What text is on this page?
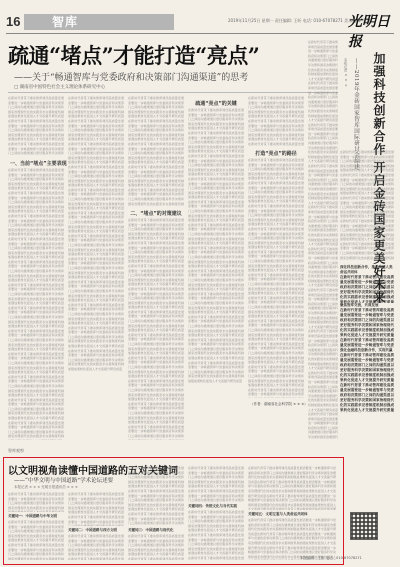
16	智库	2019年11月25日 星期一 责任编辑: 王昕 电话: 010-67078271 美术编辑: 吴兆
光明日报
疏通“堵点”才能打造“亮点”
——关于“畅通智库与党委政府和决策部门沟通渠道”的思考
□ 湖南省中国特色社会主义理论体系研究中心
在新时代背景下推动智库建设高质量发展需要进一步畅通智库与党委政府和决策部门之间的沟通渠道以更好服务科学决策和国家治理现代化的实践需求完善制度机制加强成果转化促进人才交流提升研究质量在新时代背景下推动智库建设高质量发展需要进一步畅通智库与党委政府和决策部门之间的沟通渠道以更好服务科学决策和国家治理现代化的实践需求完善制度机制加强成果转化促进人才交流提升研究质量在新时代背景下推动智库建设高质量发展需要进一步畅通智库与党委政府和决策部门之间的沟通渠道以更好服务科学决策和国家治理现代化的实践需求完善制度机制加强成果转化促进人才交流提升研究质量在新时代背景下推动智库建设高质量发展需要进一步畅通智库与党委政府和决策部门之间的沟通渠道以更好服务科学决策和国家治理现代化的实践需求完善制度机制加强成果转化促进人才交流提升研究质量在新时代背景下推动智库建设高质量发展需要进一步畅通智库与党委政府和决策部门之间的沟通渠道以更好服务科学决策和国家治理现代化的实践需求完善制度机制加强成果转化促进人才交流提升研究质量在新时代背景下推动智库建设高质量发展需要进一步畅通智库与党委政府和决策部门之间的沟通渠道以更好服务科学决策和国家治理现代化的实践需求完善制度机制加强成果转化促进人才交流提升研究质量在新时代背景下推动智库建设高质量发展需要进一步畅通智库与党委政府和决策部门之间的沟通渠道以更好服务科学决策和国家治理现代化的实践需求完善制度机制加强成果转化促进人才交流提升研究质量在新时代背景下推动智库建设高质量发展需要进一步畅通智库与党委政府和决策部门之间的沟通渠道以更好服务科学决策和国家治理现代化的实践需求完善制度机制加强成果转化促进人才交流提升研究质量在新时代背景下推动智库建设高质量发展需要进一步畅通智库与党委政府和决策部门之间的沟通渠道以更好服务科学决策和国家治理现代化的实践需求完善制度机制加强成果转化促进人才交流提升研究质量在新时代背景下推动智库建设高质量发展需要进一步畅通智库与党委政府和决策部门之间的沟通渠道以更好服务科学决策和国家治理现代化的实践需求完善制度机制加强成果转化促进人才交流提升研究质量在新时代背景下推动智库建设高质量发展需要进一步畅通智库与党委政府和决策部门之间的沟通渠道以更好服务科学决策和国家治理现代化的实践需求完善制度机制加强成果转化促进人才交流提升研究质量在新时代背景下推动智库建设高质量发展需要进一步畅通智库与党委政府和决策部门之间的沟通渠道以更好服务科学决策和国家治理现代化的实践需求完善制度机制加强成果转化促进人才交流提升研究质量
一、当前“堵点”主要表现
在新时代背景下推动智库建设高质量发展需要进一步畅通智库与党委政府和决策部门之间的沟通渠道以更好服务科学决策和国家治理现代化的实践需求完善制度机制加强成果转化促进人才交流提升研究质量在新时代背景下推动智库建设高质量发展需要进一步畅通智库与党委政府和决策部门之间的沟通渠道以更好服务科学决策和国家治理现代化的实践需求完善制度机制加强成果转化促进人才交流提升研究质量在新时代背景下推动智库建设高质量发展需要进一步畅通智库与党委政府和决策部门之间的沟通渠道以更好服务科学决策和国家治理现代化的实践需求完善制度机制加强成果转化促进人才交流提升研究质量在新时代背景下推动智库建设高质量发展需要进一步畅通智库与党委政府和决策部门之间的沟通渠道以更好服务科学决策和国家治理现代化的实践需求完善制度机制加强成果转化促进人才交流提升研究质量在新时代背景下推动智库建设高质量发展需要进一步畅通智库与党委政府和决策部门之间的沟通渠道以更好服务科学决策和国家治理现代化的实践需求完善制度机制加强成果转化促进人才交流提升研究质量在新时代背景下推动智库建设高质量发展需要进一步畅通智库与党委政府和决策部门之间的沟通渠道以更好服务科学决策和国家治理现代化的实践需求完善制度机制加强成果转化促进人才交流提升研究质量在新时代背景下推动智库建设高质量发展需要进一步畅通智库与党委政府和决策部门之间的沟通渠道以更好服务科学决策和国家治理现代化的实践需求完善制度机制加强成果转化促进人才交流提升研究质量在新时代背景下推动智库建设高质量发展需要进一步畅通智库与党委政府和决策部门之间的沟通渠道以更好服务科学决策和国家治理现代化的实践需求完善制度机制加强成果转化促进人才交流提升研究质量在新时代背景下推动智库建设高质量发展需要进一步畅通智库与党委政府和决策部门之间的沟通渠道以更好服务科学决策和国家治理现代化的实践需求完善制度机制加强成果转化促进人才交流提升研究质量在新时代背景下推动智库建设高质量发展需要进一步畅通智库与党委政府和决策部门之间的沟通渠道以更好服务科学决策和国家治理现代化的实践需求完善制度机制加强成果转化促进人才交流提升研究质量在新时代背景下推动智库建设高质量发展需要进一步畅通智库与党委政府和决策部门之间的沟通渠道以更好服务科学决策和国家治理现代化的实践需求完善制度机制加强成果转化促进人才交流提升研究质量在新时代背景下推动智库建设高质量发展需要进一步畅通智库与党委政府和决策部门之间的沟通渠道以更好服务科学决策和国家治理现代化的实践需求完善制度机制加强成果转化促进人才交流提升研究质量
在新时代背景下推动智库建设高质量发展需要进一步畅通智库与党委政府和决策部门之间的沟通渠道以更好服务科学决策和国家治理现代化的实践需求完善制度机制加强成果转化促进人才交流提升研究质量在新时代背景下推动智库建设高质量发展需要进一步畅通智库与党委政府和决策部门之间的沟通渠道以更好服务科学决策和国家治理现代化的实践需求完善制度机制加强成果转化促进人才交流提升研究质量在新时代背景下推动智库建设高质量发展需要进一步畅通智库与党委政府和决策部门之间的沟通渠道以更好服务科学决策和国家治理现代化的实践需求完善制度机制加强成果转化促进人才交流提升研究质量在新时代背景下推动智库建设高质量发展需要进一步畅通智库与党委政府和决策部门之间的沟通渠道以更好服务科学决策和国家治理现代化的实践需求完善制度机制加强成果转化促进人才交流提升研究质量在新时代背景下推动智库建设高质量发展需要进一步畅通智库与党委政府和决策部门之间的沟通渠道以更好服务科学决策和国家治理现代化的实践需求完善制度机制加强成果转化促进人才交流提升研究质量在新时代背景下推动智库建设高质量发展需要进一步畅通智库与党委政府和决策部门之间的沟通渠道以更好服务科学决策和国家治理现代化的实践需求完善制度机制加强成果转化促进人才交流提升研究质量在新时代背景下推动智库建设高质量发展需要进一步畅通智库与党委政府和决策部门之间的沟通渠道以更好服务科学决策和国家治理现代化的实践需求完善制度机制加强成果转化促进人才交流提升研究质量在新时代背景下推动智库建设高质量发展需要进一步畅通智库与党委政府和决策部门之间的沟通渠道以更好服务科学决策和国家治理现代化的实践需求完善制度机制加强成果转化促进人才交流提升研究质量在新时代背景下推动智库建设高质量发展需要进一步畅通智库与党委政府和决策部门之间的沟通渠道以更好服务科学决策和国家治理现代化的实践需求完善制度机制加强成果转化促进人才交流提升研究质量在新时代背景下推动智库建设高质量发展需要进一步畅通智库与党委政府和决策部门之间的沟通渠道以更好服务科学决策和国家治理现代化的实践需求完善制度机制加强成果转化促进人才交流提升研究质量在新时代背景下推动智库建设高质量发展需要进一步畅通智库与党委政府和决策部门之间的沟通渠道以更好服务科学决策和国家治理现代化的实践需求完善制度机制加强成果转化促进人才交流提升研究质量在新时代背景下推动智库建设高质量发展需要进一步畅通智库与党委政府和决策部门之间的沟通渠道以更好服务科学决策和国家治理现代化的实践需求完善制度机制加强成果转化促进人才交流提升研究质量
在新时代背景下推动智库建设高质量发展需要进一步畅通智库与党委政府和决策部门之间的沟通渠道以更好服务科学决策和国家治理现代化的实践需求完善制度机制加强成果转化促进人才交流提升研究质量在新时代背景下推动智库建设高质量发展需要进一步畅通智库与党委政府和决策部门之间的沟通渠道以更好服务科学决策和国家治理现代化的实践需求完善制度机制加强成果转化促进人才交流提升研究质量在新时代背景下推动智库建设高质量发展需要进一步畅通智库与党委政府和决策部门之间的沟通渠道以更好服务科学决策和国家治理现代化的实践需求完善制度机制加强成果转化促进人才交流提升研究质量在新时代背景下推动智库建设高质量发展需要进一步畅通智库与党委政府和决策部门之间的沟通渠道以更好服务科学决策和国家治理现代化的实践需求完善制度机制加强成果转化促进人才交流提升研究质量在新时代背景下推动智库建设高质量发展需要进一步畅通智库与党委政府和决策部门之间的沟通渠道以更好服务科学决策和国家治理现代化的实践需求完善制度机制加强成果转化促进人才交流提升研究质量在新时代背景下推动智库建设高质量发展需要进一步畅通智库与党委政府和决策部门之间的沟通渠道以更好服务科学决策和国家治理现代化的实践需求完善制度机制加强成果转化促进人才交流提升研究质量在新时代背景下推动智库建设高质量发展需要进一步畅通智库与党委政府和决策部门之间的沟通渠道以更好服务科学决策和国家治理现代化的实践需求完善制度机制加强成果转化促进人才交流提升研究质量在新时代背景下推动智库建设高质量发展需要进一步畅通智库与党委政府和决策部门之间的沟通渠道以更好服务科学决策和国家治理现代化的实践需求完善制度机制加强成果转化促进人才交流提升研究质量在新时代背景下推动智库建设高质量发展需要进一步畅通智库与党委政府和决策部门之间的沟通渠道以更好服务科学决策和国家治理现代化的实践需求完善制度机制加强成果转化促进人才交流提升研究质量在新时代背景下推动智库建设高质量发展需要进一步畅通智库与党委政府和决策部门之间的沟通渠道以更好服务科学决策和国家治理现代化的实践需求完善制度机制加强成果转化促进人才交流提升研究质量在新时代背景下推动智库建设高质量发展需要进一步畅通智库与党委政府和决策部门之间的沟通渠道以更好服务科学决策和国家治理现代化的实践需求完善制度机制加强成果转化促进人才交流提升研究质量在新时代背景下推动智库建设高质量发展需要进一步畅通智库与党委政府和决策部门之间的沟通渠道以更好服务科学决策和国家治理现代化的实践需求完善制度机制加强成果转化促进人才交流提升研究质量
二、“堵点”的对策建议
在新时代背景下推动智库建设高质量发展需要进一步畅通智库与党委政府和决策部门之间的沟通渠道以更好服务科学决策和国家治理现代化的实践需求完善制度机制加强成果转化促进人才交流提升研究质量在新时代背景下推动智库建设高质量发展需要进一步畅通智库与党委政府和决策部门之间的沟通渠道以更好服务科学决策和国家治理现代化的实践需求完善制度机制加强成果转化促进人才交流提升研究质量在新时代背景下推动智库建设高质量发展需要进一步畅通智库与党委政府和决策部门之间的沟通渠道以更好服务科学决策和国家治理现代化的实践需求完善制度机制加强成果转化促进人才交流提升研究质量在新时代背景下推动智库建设高质量发展需要进一步畅通智库与党委政府和决策部门之间的沟通渠道以更好服务科学决策和国家治理现代化的实践需求完善制度机制加强成果转化促进人才交流提升研究质量在新时代背景下推动智库建设高质量发展需要进一步畅通智库与党委政府和决策部门之间的沟通渠道以更好服务科学决策和国家治理现代化的实践需求完善制度机制加强成果转化促进人才交流提升研究质量在新时代背景下推动智库建设高质量发展需要进一步畅通智库与党委政府和决策部门之间的沟通渠道以更好服务科学决策和国家治理现代化的实践需求完善制度机制加强成果转化促进人才交流提升研究质量在新时代背景下推动智库建设高质量发展需要进一步畅通智库与党委政府和决策部门之间的沟通渠道以更好服务科学决策和国家治理现代化的实践需求完善制度机制加强成果转化促进人才交流提升研究质量在新时代背景下推动智库建设高质量发展需要进一步畅通智库与党委政府和决策部门之间的沟通渠道以更好服务科学决策和国家治理现代化的实践需求完善制度机制加强成果转化促进人才交流提升研究质量在新时代背景下推动智库建设高质量发展需要进一步畅通智库与党委政府和决策部门之间的沟通渠道以更好服务科学决策和国家治理现代化的实践需求完善制度机制加强成果转化促进人才交流提升研究质量在新时代背景下推动智库建设高质量发展需要进一步畅通智库与党委政府和决策部门之间的沟通渠道以更好服务科学决策和国家治理现代化的实践需求完善制度机制加强成果转化促进人才交流提升研究质量在新时代背景下推动智库建设高质量发展需要进一步畅通智库与党委政府和决策部门之间的沟通渠道以更好服务科学决策和国家治理现代化的实践需求完善制度机制加强成果转化促进人才交流提升研究质量在新时代背景下推动智库建设高质量发展需要进一步畅通智库与党委政府和决策部门之间的沟通渠道以更好服务科学决策和国家治理现代化的实践需求完善制度机制加强成果转化促进人才交流提升研究质量
疏通“亮点”的关键
在新时代背景下推动智库建设高质量发展需要进一步畅通智库与党委政府和决策部门之间的沟通渠道以更好服务科学决策和国家治理现代化的实践需求完善制度机制加强成果转化促进人才交流提升研究质量在新时代背景下推动智库建设高质量发展需要进一步畅通智库与党委政府和决策部门之间的沟通渠道以更好服务科学决策和国家治理现代化的实践需求完善制度机制加强成果转化促进人才交流提升研究质量在新时代背景下推动智库建设高质量发展需要进一步畅通智库与党委政府和决策部门之间的沟通渠道以更好服务科学决策和国家治理现代化的实践需求完善制度机制加强成果转化促进人才交流提升研究质量在新时代背景下推动智库建设高质量发展需要进一步畅通智库与党委政府和决策部门之间的沟通渠道以更好服务科学决策和国家治理现代化的实践需求完善制度机制加强成果转化促进人才交流提升研究质量在新时代背景下推动智库建设高质量发展需要进一步畅通智库与党委政府和决策部门之间的沟通渠道以更好服务科学决策和国家治理现代化的实践需求完善制度机制加强成果转化促进人才交流提升研究质量在新时代背景下推动智库建设高质量发展需要进一步畅通智库与党委政府和决策部门之间的沟通渠道以更好服务科学决策和国家治理现代化的实践需求完善制度机制加强成果转化促进人才交流提升研究质量在新时代背景下推动智库建设高质量发展需要进一步畅通智库与党委政府和决策部门之间的沟通渠道以更好服务科学决策和国家治理现代化的实践需求完善制度机制加强成果转化促进人才交流提升研究质量在新时代背景下推动智库建设高质量发展需要进一步畅通智库与党委政府和决策部门之间的沟通渠道以更好服务科学决策和国家治理现代化的实践需求完善制度机制加强成果转化促进人才交流提升研究质量在新时代背景下推动智库建设高质量发展需要进一步畅通智库与党委政府和决策部门之间的沟通渠道以更好服务科学决策和国家治理现代化的实践需求完善制度机制加强成果转化促进人才交流提升研究质量在新时代背景下推动智库建设高质量发展需要进一步畅通智库与党委政府和决策部门之间的沟通渠道以更好服务科学决策和国家治理现代化的实践需求完善制度机制加强成果转化促进人才交流提升研究质量在新时代背景下推动智库建设高质量发展需要进一步畅通智库与党委政府和决策部门之间的沟通渠道以更好服务科学决策和国家治理现代化的实践需求完善制度机制加强成果转化促进人才交流提升研究质量在新时代背景下推动智库建设高质量发展需要进一步畅通智库与党委政府和决策部门之间的沟通渠道以更好服务科学决策和国家治理现代化的实践需求完善制度机制加强成果转化促进人才交流提升研究质量
在新时代背景下推动智库建设高质量发展需要进一步畅通智库与党委政府和决策部门之间的沟通渠道以更好服务科学决策和国家治理现代化的实践需求完善制度机制加强成果转化促进人才交流提升研究质量在新时代背景下推动智库建设高质量发展需要进一步畅通智库与党委政府和决策部门之间的沟通渠道以更好服务科学决策和国家治理现代化的实践需求完善制度机制加强成果转化促进人才交流提升研究质量在新时代背景下推动智库建设高质量发展需要进一步畅通智库与党委政府和决策部门之间的沟通渠道以更好服务科学决策和国家治理现代化的实践需求完善制度机制加强成果转化促进人才交流提升研究质量在新时代背景下推动智库建设高质量发展需要进一步畅通智库与党委政府和决策部门之间的沟通渠道以更好服务科学决策和国家治理现代化的实践需求完善制度机制加强成果转化促进人才交流提升研究质量在新时代背景下推动智库建设高质量发展需要进一步畅通智库与党委政府和决策部门之间的沟通渠道以更好服务科学决策和国家治理现代化的实践需求完善制度机制加强成果转化促进人才交流提升研究质量在新时代背景下推动智库建设高质量发展需要进一步畅通智库与党委政府和决策部门之间的沟通渠道以更好服务科学决策和国家治理现代化的实践需求完善制度机制加强成果转化促进人才交流提升研究质量在新时代背景下推动智库建设高质量发展需要进一步畅通智库与党委政府和决策部门之间的沟通渠道以更好服务科学决策和国家治理现代化的实践需求完善制度机制加强成果转化促进人才交流提升研究质量在新时代背景下推动智库建设高质量发展需要进一步畅通智库与党委政府和决策部门之间的沟通渠道以更好服务科学决策和国家治理现代化的实践需求完善制度机制加强成果转化促进人才交流提升研究质量在新时代背景下推动智库建设高质量发展需要进一步畅通智库与党委政府和决策部门之间的沟通渠道以更好服务科学决策和国家治理现代化的实践需求完善制度机制加强成果转化促进人才交流提升研究质量在新时代背景下推动智库建设高质量发展需要进一步畅通智库与党委政府和决策部门之间的沟通渠道以更好服务科学决策和国家治理现代化的实践需求完善制度机制加强成果转化促进人才交流提升研究质量在新时代背景下推动智库建设高质量发展需要进一步畅通智库与党委政府和决策部门之间的沟通渠道以更好服务科学决策和国家治理现代化的实践需求完善制度机制加强成果转化促进人才交流提升研究质量在新时代背景下推动智库建设高质量发展需要进一步畅通智库与党委政府和决策部门之间的沟通渠道以更好服务科学决策和国家治理现代化的实践需求完善制度机制加强成果转化促进人才交流提升研究质量
打造“亮点”的路径
在新时代背景下推动智库建设高质量发展需要进一步畅通智库与党委政府和决策部门之间的沟通渠道以更好服务科学决策和国家治理现代化的实践需求完善制度机制加强成果转化促进人才交流提升研究质量在新时代背景下推动智库建设高质量发展需要进一步畅通智库与党委政府和决策部门之间的沟通渠道以更好服务科学决策和国家治理现代化的实践需求完善制度机制加强成果转化促进人才交流提升研究质量在新时代背景下推动智库建设高质量发展需要进一步畅通智库与党委政府和决策部门之间的沟通渠道以更好服务科学决策和国家治理现代化的实践需求完善制度机制加强成果转化促进人才交流提升研究质量在新时代背景下推动智库建设高质量发展需要进一步畅通智库与党委政府和决策部门之间的沟通渠道以更好服务科学决策和国家治理现代化的实践需求完善制度机制加强成果转化促进人才交流提升研究质量在新时代背景下推动智库建设高质量发展需要进一步畅通智库与党委政府和决策部门之间的沟通渠道以更好服务科学决策和国家治理现代化的实践需求完善制度机制加强成果转化促进人才交流提升研究质量在新时代背景下推动智库建设高质量发展需要进一步畅通智库与党委政府和决策部门之间的沟通渠道以更好服务科学决策和国家治理现代化的实践需求完善制度机制加强成果转化促进人才交流提升研究质量在新时代背景下推动智库建设高质量发展需要进一步畅通智库与党委政府和决策部门之间的沟通渠道以更好服务科学决策和国家治理现代化的实践需求完善制度机制加强成果转化促进人才交流提升研究质量在新时代背景下推动智库建设高质量发展需要进一步畅通智库与党委政府和决策部门之间的沟通渠道以更好服务科学决策和国家治理现代化的实践需求完善制度机制加强成果转化促进人才交流提升研究质量在新时代背景下推动智库建设高质量发展需要进一步畅通智库与党委政府和决策部门之间的沟通渠道以更好服务科学决策和国家治理现代化的实践需求完善制度机制加强成果转化促进人才交流提升研究质量在新时代背景下推动智库建设高质量发展需要进一步畅通智库与党委政府和决策部门之间的沟通渠道以更好服务科学决策和国家治理现代化的实践需求完善制度机制加强成果转化促进人才交流提升研究质量在新时代背景下推动智库建设高质量发展需要进一步畅通智库与党委政府和决策部门之间的沟通渠道以更好服务科学决策和国家治理现代化的实践需求完善制度机制加强成果转化促进人才交流提升研究质量在新时代背景下推动智库建设高质量发展需要进一步畅通智库与党委政府和决策部门之间的沟通渠道以更好服务科学决策和国家治理现代化的实践需求完善制度机制加强成果转化促进人才交流提升研究质量
（作者：湖南省社会科学院 × × ×）
在新时代背景下推动智库建设高质量发展需要进一步畅通智库与党委政府和决策部门之间的沟通渠道以更好服务科学决策和国家治理现代化的实践需求完善制度机制加强成果转化促进人才交流提升研究质量在新时代背景下推动智库建设高质量发展需要进一步畅通智库与党委政府和决策部门之间的沟通渠道以更好服务科学决策和国家治理现代化的实践需求完善制度机制加强成果转化促进人才交流提升研究质量在新时代背景下推动智库建设高质量发展需要进一步畅通智库与党委政府和决策部门之间的沟通渠道以更好服务科学决策和国家治理现代化的实践需求完善制度机制加强成果转化促进人才交流提升研究质量在新时代背景下推动智库建设高质量发展需要进一步畅通智库与党委政府和决策部门之间的沟通渠道以更好服务科学决策和国家治理现代化的实践需求完善制度机制加强成果转化促进人才交流提升研究质量在新时代背景下推动智库建设高质量发展需要进一步畅通智库与党委政府和决策部门之间的沟通渠道以更好服务科学决策和国家治理现代化的实践需求完善制度机制加强成果转化促进人才交流提升研究质量在新时代背景下推动智库建设高质量发展需要进一步畅通智库与党委政府和决策部门之间的沟通渠道以更好服务科学决策和国家治理现代化的实践需求完善制度机制加强成果转化促进人才交流提升研究质量在新时代背景下推动智库建设高质量发展需要进一步畅通智库与党委政府和决策部门之间的沟通渠道以更好服务科学决策和国家治理现代化的实践需求完善制度机制加强成果转化促进人才交流提升研究质量在新时代背景下推动智库建设高质量发展需要进一步畅通智库与党委政府和决策部门之间的沟通渠道以更好服务科学决策和国家治理现代化的实践需求完善制度机制加强成果转化促进人才交流提升研究质量在新时代背景下推动智库建设高质量发展需要进一步畅通智库与党委政府和决策部门之间的沟通渠道以更好服务科学决策和国家治理现代化的实践需求完善制度机制加强成果转化促进人才交流提升研究质量在新时代背景下推动智库建设高质量发展需要进一步畅通智库与党委政府和决策部门之间的沟通渠道以更好服务科学决策和国家治理现代化的实践需求完善制度机制加强成果转化促进人才交流提升研究质量在新时代背景下推动智库建设高质量发展需要进一步畅通智库与党委政府和决策部门之间的沟通渠道以更好服务科学决策和国家治理现代化的实践需求完善制度机制加强成果转化促进人才交流提升研究质量在新时代背景下推动智库建设高质量发展需要进一步畅通智库与党委政府和决策部门之间的沟通渠道以更好服务科学决策和国家治理现代化的实践需求完善制度机制加强成果转化促进人才交流提升研究质量
加强科技创新合作 开启金砖国家更美好未来
——2019年金砖国家智库国际研讨会综述
本报记者 × × ×
在新时代背景下推动智库建设高质量发展需要进一步畅通智库与党委政府和决策部门之间的沟通渠道以更好服务科学决策和国家治理现代化的实践需求完善制度机制加强成果转化促进人才交流提升研究质量在新时代背景下推动智库建设高质量发展需要进一步畅通智库与党委政府和决策部门之间的沟通渠道以更好服务科学决策和国家治理现代化的实践需求完善制度机制加强成果转化促进人才交流提升研究质量在新时代背景下推动智库建设高质量发展需要进一步畅通智库与党委政府和决策部门之间的沟通渠道以更好服务科学决策和国家治理现代化的实践需求完善制度机制加强成果转化促进人才交流提升研究质量在新时代背景下推动智库建设高质量发展需要进一步畅通智库与党委政府和决策部门之间的沟通渠道以更好服务科学决策和国家治理现代化的实践需求完善制度机制加强成果转化促进人才交流提升研究质量在新时代背景下推动智库建设高质量发展需要进一步畅通智库与党委政府和决策部门之间的沟通渠道以更好服务科学决策和国家治理现代化的实践需求完善制度机制加强成果转化促进人才交流提升研究质量在新时代背景下推动智库建设高质量发展需要进一步畅通智库与党委政府和决策部门之间的沟通渠道以更好服务科学决策和国家治理现代化的实践需求完善制度机制加强成果转化促进人才交流提升研究质量在新时代背景下推动智库建设高质量发展需要进一步畅通智库与党委政府和决策部门之间的沟通渠道以更好服务科学决策和国家治理现代化的实践需求完善制度机制加强成果转化促进人才交流提升研究质量在新时代背景下推动智库建设高质量发展需要进一步畅通智库与党委政府和决策部门之间的沟通渠道以更好服务科学决策和国家治理现代化的实践需求完善制度机制加强成果转化促进人才交流提升研究质量在新时代背景下推动智库建设高质量发展需要进一步畅通智库与党委政府和决策部门之间的沟通渠道以更好服务科学决策和国家治理现代化的实践需求完善制度机制加强成果转化促进人才交流提升研究质量在新时代背景下推动智库建设高质量发展需要进一步畅通智库与党委政府和决策部门之间的沟通渠道以更好服务科学决策和国家治理现代化的实践需求完善制度机制加强成果转化促进人才交流提升研究质量在新时代背景下推动智库建设高质量发展需要进一步畅通智库与党委政府和决策部门之间的沟通渠道以更好服务科学决策和国家治理现代化的实践需求完善制度机制加强成果转化促进人才交流提升研究质量在新时代背景下推动智库建设高质量发展需要进一步畅通智库与党委政府和决策部门之间的沟通渠道以更好服务科学决策和国家治理现代化的实践需求完善制度机制加强成果转化促进人才交流提升研究质量
深化科技创新合作，推动构建人类命运共同体
在新时代背景下推动智库建设高质量发展需要进一步畅通智库与党委政府和决策部门之间的沟通渠道以更好服务科学决策和国家治理现代化的实践需求完善制度机制加强成果转化促进人才交流提升研究质量在新时代背景下推动智库建设高质量发展需要进一步畅通智库与党委政府和决策部门之间的沟通渠道以更好服务科学决策和国家治理现代化的实践需求完善制度机制加强成果转化促进人才交流提升研究质量在新时代背景下推动智库建设高质量发展需要进一步畅通智库与党委政府和决策部门之间的沟通渠道以更好服务科学决策和国家治理现代化的实践需求完善制度机制加强成果转化促进人才交流提升研究质量在新时代背景下推动智库建设高质量发展需要进一步畅通智库与党委政府和决策部门之间的沟通渠道以更好服务科学决策和国家治理现代化的实践需求完善制度机制加强成果转化促进人才交流提升研究质量在新时代背景下推动智库建设高质量发展需要进一步畅通智库与党委政府和决策部门之间的沟通渠道以更好服务科学决策和国家治理现代化的实践需求完善制度机制加强成果转化促进人才交流提升研究质量在新时代背景下推动智库建设高质量发展需要进一步畅通智库与党委政府和决策部门之间的沟通渠道以更好服务科学决策和国家治理现代化的实践需求完善制度机制加强成果转化促进人才交流提升研究质量在新时代背景下推动智库建设高质量发展需要进一步畅通智库与党委政府和决策部门之间的沟通渠道以更好服务科学决策和国家治理现代化的实践需求完善制度机制加强成果转化促进人才交流提升研究质量在新时代背景下推动智库建设高质量发展需要进一步畅通智库与党委政府和决策部门之间的沟通渠道以更好服务科学决策和国家治理现代化的实践需求完善制度机制加强成果转化促进人才交流提升研究质量在新时代背景下推动智库建设高质量发展需要进一步畅通智库与党委政府和决策部门之间的沟通渠道以更好服务科学决策和国家治理现代化的实践需求完善制度机制加强成果转化促进人才交流提升研究质量在新时代背景下推动智库建设高质量发展需要进一步畅通智库与党委政府和决策部门之间的沟通渠道以更好服务科学决策和国家治理现代化的实践需求完善制度机制加强成果转化促进人才交流提升研究质量在新时代背景下推动智库建设高质量发展需要进一步畅通智库与党委政府和决策部门之间的沟通渠道以更好服务科学决策和国家治理现代化的实践需求完善制度机制加强成果转化促进人才交流提升研究质量在新时代背景下推动智库建设高质量发展需要进一步畅通智库与党委政府和决策部门之间的沟通渠道以更好服务科学决策和国家治理现代化的实践需求完善制度机制加强成果转化促进人才交流提升研究质量
聚焦智库交流，共谋发展
在新时代背景下推动智库建设高质量发展需要进一步畅通智库与党委政府和决策部门之间的沟通渠道以更好服务科学决策和国家治理现代化的实践需求完善制度机制加强成果转化促进人才交流提升研究质量在新时代背景下推动智库建设高质量发展需要进一步畅通智库与党委政府和决策部门之间的沟通渠道以更好服务科学决策和国家治理现代化的实践需求完善制度机制加强成果转化促进人才交流提升研究质量在新时代背景下推动智库建设高质量发展需要进一步畅通智库与党委政府和决策部门之间的沟通渠道以更好服务科学决策和国家治理现代化的实践需求完善制度机制加强成果转化促进人才交流提升研究质量在新时代背景下推动智库建设高质量发展需要进一步畅通智库与党委政府和决策部门之间的沟通渠道以更好服务科学决策和国家治理现代化的实践需求完善制度机制加强成果转化促进人才交流提升研究质量在新时代背景下推动智库建设高质量发展需要进一步畅通智库与党委政府和决策部门之间的沟通渠道以更好服务科学决策和国家治理现代化的实践需求完善制度机制加强成果转化促进人才交流提升研究质量在新时代背景下推动智库建设高质量发展需要进一步畅通智库与党委政府和决策部门之间的沟通渠道以更好服务科学决策和国家治理现代化的实践需求完善制度机制加强成果转化促进人才交流提升研究质量在新时代背景下推动智库建设高质量发展需要进一步畅通智库与党委政府和决策部门之间的沟通渠道以更好服务科学决策和国家治理现代化的实践需求完善制度机制加强成果转化促进人才交流提升研究质量在新时代背景下推动智库建设高质量发展需要进一步畅通智库与党委政府和决策部门之间的沟通渠道以更好服务科学决策和国家治理现代化的实践需求完善制度机制加强成果转化促进人才交流提升研究质量在新时代背景下推动智库建设高质量发展需要进一步畅通智库与党委政府和决策部门之间的沟通渠道以更好服务科学决策和国家治理现代化的实践需求完善制度机制加强成果转化促进人才交流提升研究质量在新时代背景下推动智库建设高质量发展需要进一步畅通智库与党委政府和决策部门之间的沟通渠道以更好服务科学决策和国家治理现代化的实践需求完善制度机制加强成果转化促进人才交流提升研究质量在新时代背景下推动智库建设高质量发展需要进一步畅通智库与党委政府和决策部门之间的沟通渠道以更好服务科学决策和国家治理现代化的实践需求完善制度机制加强成果转化促进人才交流提升研究质量在新时代背景下推动智库建设高质量发展需要进一步畅通智库与党委政府和决策部门之间的沟通渠道以更好服务科学决策和国家治理现代化的实践需求完善制度机制加强成果转化促进人才交流提升研究质量
强化金融科技创新合作，实现共赢
在新时代背景下推动智库建设高质量发展需要进一步畅通智库与党委政府和决策部门之间的沟通渠道以更好服务科学决策和国家治理现代化的实践需求完善制度机制加强成果转化促进人才交流提升研究质量在新时代背景下推动智库建设高质量发展需要进一步畅通智库与党委政府和决策部门之间的沟通渠道以更好服务科学决策和国家治理现代化的实践需求完善制度机制加强成果转化促进人才交流提升研究质量在新时代背景下推动智库建设高质量发展需要进一步畅通智库与党委政府和决策部门之间的沟通渠道以更好服务科学决策和国家治理现代化的实践需求完善制度机制加强成果转化促进人才交流提升研究质量在新时代背景下推动智库建设高质量发展需要进一步畅通智库与党委政府和决策部门之间的沟通渠道以更好服务科学决策和国家治理现代化的实践需求完善制度机制加强成果转化促进人才交流提升研究质量在新时代背景下推动智库建设高质量发展需要进一步畅通智库与党委政府和决策部门之间的沟通渠道以更好服务科学决策和国家治理现代化的实践需求完善制度机制加强成果转化促进人才交流提升研究质量在新时代背景下推动智库建设高质量发展需要进一步畅通智库与党委政府和决策部门之间的沟通渠道以更好服务科学决策和国家治理现代化的实践需求完善制度机制加强成果转化促进人才交流提升研究质量在新时代背景下推动智库建设高质量发展需要进一步畅通智库与党委政府和决策部门之间的沟通渠道以更好服务科学决策和国家治理现代化的实践需求完善制度机制加强成果转化促进人才交流提升研究质量在新时代背景下推动智库建设高质量发展需要进一步畅通智库与党委政府和决策部门之间的沟通渠道以更好服务科学决策和国家治理现代化的实践需求完善制度机制加强成果转化促进人才交流提升研究质量在新时代背景下推动智库建设高质量发展需要进一步畅通智库与党委政府和决策部门之间的沟通渠道以更好服务科学决策和国家治理现代化的实践需求完善制度机制加强成果转化促进人才交流提升研究质量在新时代背景下推动智库建设高质量发展需要进一步畅通智库与党委政府和决策部门之间的沟通渠道以更好服务科学决策和国家治理现代化的实践需求完善制度机制加强成果转化促进人才交流提升研究质量在新时代背景下推动智库建设高质量发展需要进一步畅通智库与党委政府和决策部门之间的沟通渠道以更好服务科学决策和国家治理现代化的实践需求完善制度机制加强成果转化促进人才交流提升研究质量在新时代背景下推动智库建设高质量发展需要进一步畅通智库与党委政府和决策部门之间的沟通渠道以更好服务科学决策和国家治理现代化的实践需求完善制度机制加强成果转化促进人才交流提升研究质量
智库观察
以文明视角读懂中国道路的五对关键词
——“中华文明与中国道路”学术论坛述要
本报记者 × × × 光明日报通讯员 × × ×
在新时代背景下推动智库建设高质量发展需要进一步畅通智库与党委政府和决策部门之间的沟通渠道以更好服务科学决策和国家治理现代化的实践需求完善制度机制加强成果转化促进人才交流提升研究质量在新时代背景下推动智库建设高质量发展需要进一步畅通智库与党委政府和决策部门之间的沟通渠道以更好服务科学决策和国家治理现代化的实践需求完善制度机制加强成果转化促进人才交流提升研究质量在新时代背景下推动智库建设高质量发展需要进一步畅通智库与党委政府和决策部门之间的沟通渠道以更好服务科学决策和国家治理现代化的实践需求完善制度机制加强成果转化促进人才交流提升研究质量在新时代背景下推动智库建设高质量发展需要进一步畅通智库与党委政府和决策部门之间的沟通渠道以更好服务科学决策和国家治理现代化的实践需求完善制度机制加强成果转化促进人才交流提升研究质量在新时代背景下推动智库建设高质量发展需要进一步畅通智库与党委政府和决策部门之间的沟通渠道以更好服务科学决策和国家治理现代化的实践需求完善制度机制加强成果转化促进人才交流提升研究质量在新时代背景下推动智库建设高质量发展需要进一步畅通智库与党委政府和决策部门之间的沟通渠道以更好服务科学决策和国家治理现代化的实践需求完善制度机制加强成果转化促进人才交流提升研究质量在新时代背景下推动智库建设高质量发展需要进一步畅通智库与党委政府和决策部门之间的沟通渠道以更好服务科学决策和国家治理现代化的实践需求完善制度机制加强成果转化促进人才交流提升研究质量在新时代背景下推动智库建设高质量发展需要进一步畅通智库与党委政府和决策部门之间的沟通渠道以更好服务科学决策和国家治理现代化的实践需求完善制度机制加强成果转化促进人才交流提升研究质量在新时代背景下推动智库建设高质量发展需要进一步畅通智库与党委政府和决策部门之间的沟通渠道以更好服务科学决策和国家治理现代化的实践需求完善制度机制加强成果转化促进人才交流提升研究质量在新时代背景下推动智库建设高质量发展需要进一步畅通智库与党委政府和决策部门之间的沟通渠道以更好服务科学决策和国家治理现代化的实践需求完善制度机制加强成果转化促进人才交流提升研究质量在新时代背景下推动智库建设高质量发展需要进一步畅通智库与党委政府和决策部门之间的沟通渠道以更好服务科学决策和国家治理现代化的实践需求完善制度机制加强成果转化促进人才交流提升研究质量在新时代背景下推动智库建设高质量发展需要进一步畅通智库与党委政府和决策部门之间的沟通渠道以更好服务科学决策和国家治理现代化的实践需求完善制度机制加强成果转化促进人才交流提升研究质量
关键词一：中国道路与中华文明
在新时代背景下推动智库建设高质量发展需要进一步畅通智库与党委政府和决策部门之间的沟通渠道以更好服务科学决策和国家治理现代化的实践需求完善制度机制加强成果转化促进人才交流提升研究质量在新时代背景下推动智库建设高质量发展需要进一步畅通智库与党委政府和决策部门之间的沟通渠道以更好服务科学决策和国家治理现代化的实践需求完善制度机制加强成果转化促进人才交流提升研究质量在新时代背景下推动智库建设高质量发展需要进一步畅通智库与党委政府和决策部门之间的沟通渠道以更好服务科学决策和国家治理现代化的实践需求完善制度机制加强成果转化促进人才交流提升研究质量在新时代背景下推动智库建设高质量发展需要进一步畅通智库与党委政府和决策部门之间的沟通渠道以更好服务科学决策和国家治理现代化的实践需求完善制度机制加强成果转化促进人才交流提升研究质量在新时代背景下推动智库建设高质量发展需要进一步畅通智库与党委政府和决策部门之间的沟通渠道以更好服务科学决策和国家治理现代化的实践需求完善制度机制加强成果转化促进人才交流提升研究质量在新时代背景下推动智库建设高质量发展需要进一步畅通智库与党委政府和决策部门之间的沟通渠道以更好服务科学决策和国家治理现代化的实践需求完善制度机制加强成果转化促进人才交流提升研究质量在新时代背景下推动智库建设高质量发展需要进一步畅通智库与党委政府和决策部门之间的沟通渠道以更好服务科学决策和国家治理现代化的实践需求完善制度机制加强成果转化促进人才交流提升研究质量在新时代背景下推动智库建设高质量发展需要进一步畅通智库与党委政府和决策部门之间的沟通渠道以更好服务科学决策和国家治理现代化的实践需求完善制度机制加强成果转化促进人才交流提升研究质量在新时代背景下推动智库建设高质量发展需要进一步畅通智库与党委政府和决策部门之间的沟通渠道以更好服务科学决策和国家治理现代化的实践需求完善制度机制加强成果转化促进人才交流提升研究质量在新时代背景下推动智库建设高质量发展需要进一步畅通智库与党委政府和决策部门之间的沟通渠道以更好服务科学决策和国家治理现代化的实践需求完善制度机制加强成果转化促进人才交流提升研究质量在新时代背景下推动智库建设高质量发展需要进一步畅通智库与党委政府和决策部门之间的沟通渠道以更好服务科学决策和国家治理现代化的实践需求完善制度机制加强成果转化促进人才交流提升研究质量在新时代背景下推动智库建设高质量发展需要进一步畅通智库与党委政府和决策部门之间的沟通渠道以更好服务科学决策和国家治理现代化的实践需求完善制度机制加强成果转化促进人才交流提升研究质量
在新时代背景下推动智库建设高质量发展需要进一步畅通智库与党委政府和决策部门之间的沟通渠道以更好服务科学决策和国家治理现代化的实践需求完善制度机制加强成果转化促进人才交流提升研究质量在新时代背景下推动智库建设高质量发展需要进一步畅通智库与党委政府和决策部门之间的沟通渠道以更好服务科学决策和国家治理现代化的实践需求完善制度机制加强成果转化促进人才交流提升研究质量在新时代背景下推动智库建设高质量发展需要进一步畅通智库与党委政府和决策部门之间的沟通渠道以更好服务科学决策和国家治理现代化的实践需求完善制度机制加强成果转化促进人才交流提升研究质量在新时代背景下推动智库建设高质量发展需要进一步畅通智库与党委政府和决策部门之间的沟通渠道以更好服务科学决策和国家治理现代化的实践需求完善制度机制加强成果转化促进人才交流提升研究质量在新时代背景下推动智库建设高质量发展需要进一步畅通智库与党委政府和决策部门之间的沟通渠道以更好服务科学决策和国家治理现代化的实践需求完善制度机制加强成果转化促进人才交流提升研究质量在新时代背景下推动智库建设高质量发展需要进一步畅通智库与党委政府和决策部门之间的沟通渠道以更好服务科学决策和国家治理现代化的实践需求完善制度机制加强成果转化促进人才交流提升研究质量在新时代背景下推动智库建设高质量发展需要进一步畅通智库与党委政府和决策部门之间的沟通渠道以更好服务科学决策和国家治理现代化的实践需求完善制度机制加强成果转化促进人才交流提升研究质量在新时代背景下推动智库建设高质量发展需要进一步畅通智库与党委政府和决策部门之间的沟通渠道以更好服务科学决策和国家治理现代化的实践需求完善制度机制加强成果转化促进人才交流提升研究质量在新时代背景下推动智库建设高质量发展需要进一步畅通智库与党委政府和决策部门之间的沟通渠道以更好服务科学决策和国家治理现代化的实践需求完善制度机制加强成果转化促进人才交流提升研究质量在新时代背景下推动智库建设高质量发展需要进一步畅通智库与党委政府和决策部门之间的沟通渠道以更好服务科学决策和国家治理现代化的实践需求完善制度机制加强成果转化促进人才交流提升研究质量在新时代背景下推动智库建设高质量发展需要进一步畅通智库与党委政府和决策部门之间的沟通渠道以更好服务科学决策和国家治理现代化的实践需求完善制度机制加强成果转化促进人才交流提升研究质量在新时代背景下推动智库建设高质量发展需要进一步畅通智库与党委政府和决策部门之间的沟通渠道以更好服务科学决策和国家治理现代化的实践需求完善制度机制加强成果转化促进人才交流提升研究质量
关键词二：中国道路与西方文明
在新时代背景下推动智库建设高质量发展需要进一步畅通智库与党委政府和决策部门之间的沟通渠道以更好服务科学决策和国家治理现代化的实践需求完善制度机制加强成果转化促进人才交流提升研究质量在新时代背景下推动智库建设高质量发展需要进一步畅通智库与党委政府和决策部门之间的沟通渠道以更好服务科学决策和国家治理现代化的实践需求完善制度机制加强成果转化促进人才交流提升研究质量在新时代背景下推动智库建设高质量发展需要进一步畅通智库与党委政府和决策部门之间的沟通渠道以更好服务科学决策和国家治理现代化的实践需求完善制度机制加强成果转化促进人才交流提升研究质量在新时代背景下推动智库建设高质量发展需要进一步畅通智库与党委政府和决策部门之间的沟通渠道以更好服务科学决策和国家治理现代化的实践需求完善制度机制加强成果转化促进人才交流提升研究质量在新时代背景下推动智库建设高质量发展需要进一步畅通智库与党委政府和决策部门之间的沟通渠道以更好服务科学决策和国家治理现代化的实践需求完善制度机制加强成果转化促进人才交流提升研究质量在新时代背景下推动智库建设高质量发展需要进一步畅通智库与党委政府和决策部门之间的沟通渠道以更好服务科学决策和国家治理现代化的实践需求完善制度机制加强成果转化促进人才交流提升研究质量在新时代背景下推动智库建设高质量发展需要进一步畅通智库与党委政府和决策部门之间的沟通渠道以更好服务科学决策和国家治理现代化的实践需求完善制度机制加强成果转化促进人才交流提升研究质量在新时代背景下推动智库建设高质量发展需要进一步畅通智库与党委政府和决策部门之间的沟通渠道以更好服务科学决策和国家治理现代化的实践需求完善制度机制加强成果转化促进人才交流提升研究质量在新时代背景下推动智库建设高质量发展需要进一步畅通智库与党委政府和决策部门之间的沟通渠道以更好服务科学决策和国家治理现代化的实践需求完善制度机制加强成果转化促进人才交流提升研究质量在新时代背景下推动智库建设高质量发展需要进一步畅通智库与党委政府和决策部门之间的沟通渠道以更好服务科学决策和国家治理现代化的实践需求完善制度机制加强成果转化促进人才交流提升研究质量在新时代背景下推动智库建设高质量发展需要进一步畅通智库与党委政府和决策部门之间的沟通渠道以更好服务科学决策和国家治理现代化的实践需求完善制度机制加强成果转化促进人才交流提升研究质量在新时代背景下推动智库建设高质量发展需要进一步畅通智库与党委政府和决策部门之间的沟通渠道以更好服务科学决策和国家治理现代化的实践需求完善制度机制加强成果转化促进人才交流提升研究质量
在新时代背景下推动智库建设高质量发展需要进一步畅通智库与党委政府和决策部门之间的沟通渠道以更好服务科学决策和国家治理现代化的实践需求完善制度机制加强成果转化促进人才交流提升研究质量在新时代背景下推动智库建设高质量发展需要进一步畅通智库与党委政府和决策部门之间的沟通渠道以更好服务科学决策和国家治理现代化的实践需求完善制度机制加强成果转化促进人才交流提升研究质量在新时代背景下推动智库建设高质量发展需要进一步畅通智库与党委政府和决策部门之间的沟通渠道以更好服务科学决策和国家治理现代化的实践需求完善制度机制加强成果转化促进人才交流提升研究质量在新时代背景下推动智库建设高质量发展需要进一步畅通智库与党委政府和决策部门之间的沟通渠道以更好服务科学决策和国家治理现代化的实践需求完善制度机制加强成果转化促进人才交流提升研究质量在新时代背景下推动智库建设高质量发展需要进一步畅通智库与党委政府和决策部门之间的沟通渠道以更好服务科学决策和国家治理现代化的实践需求完善制度机制加强成果转化促进人才交流提升研究质量在新时代背景下推动智库建设高质量发展需要进一步畅通智库与党委政府和决策部门之间的沟通渠道以更好服务科学决策和国家治理现代化的实践需求完善制度机制加强成果转化促进人才交流提升研究质量在新时代背景下推动智库建设高质量发展需要进一步畅通智库与党委政府和决策部门之间的沟通渠道以更好服务科学决策和国家治理现代化的实践需求完善制度机制加强成果转化促进人才交流提升研究质量在新时代背景下推动智库建设高质量发展需要进一步畅通智库与党委政府和决策部门之间的沟通渠道以更好服务科学决策和国家治理现代化的实践需求完善制度机制加强成果转化促进人才交流提升研究质量在新时代背景下推动智库建设高质量发展需要进一步畅通智库与党委政府和决策部门之间的沟通渠道以更好服务科学决策和国家治理现代化的实践需求完善制度机制加强成果转化促进人才交流提升研究质量在新时代背景下推动智库建设高质量发展需要进一步畅通智库与党委政府和决策部门之间的沟通渠道以更好服务科学决策和国家治理现代化的实践需求完善制度机制加强成果转化促进人才交流提升研究质量在新时代背景下推动智库建设高质量发展需要进一步畅通智库与党委政府和决策部门之间的沟通渠道以更好服务科学决策和国家治理现代化的实践需求完善制度机制加强成果转化促进人才交流提升研究质量在新时代背景下推动智库建设高质量发展需要进一步畅通智库与党委政府和决策部门之间的沟通渠道以更好服务科学决策和国家治理现代化的实践需求完善制度机制加强成果转化促进人才交流提升研究质量	关键词三：中国道路与现代化
在新时代背景下推动智库建设高质量发展需要进一步畅通智库与党委政府和决策部门之间的沟通渠道以更好服务科学决策和国家治理现代化的实践需求完善制度机制加强成果转化促进人才交流提升研究质量在新时代背景下推动智库建设高质量发展需要进一步畅通智库与党委政府和决策部门之间的沟通渠道以更好服务科学决策和国家治理现代化的实践需求完善制度机制加强成果转化促进人才交流提升研究质量在新时代背景下推动智库建设高质量发展需要进一步畅通智库与党委政府和决策部门之间的沟通渠道以更好服务科学决策和国家治理现代化的实践需求完善制度机制加强成果转化促进人才交流提升研究质量在新时代背景下推动智库建设高质量发展需要进一步畅通智库与党委政府和决策部门之间的沟通渠道以更好服务科学决策和国家治理现代化的实践需求完善制度机制加强成果转化促进人才交流提升研究质量在新时代背景下推动智库建设高质量发展需要进一步畅通智库与党委政府和决策部门之间的沟通渠道以更好服务科学决策和国家治理现代化的实践需求完善制度机制加强成果转化促进人才交流提升研究质量在新时代背景下推动智库建设高质量发展需要进一步畅通智库与党委政府和决策部门之间的沟通渠道以更好服务科学决策和国家治理现代化的实践需求完善制度机制加强成果转化促进人才交流提升研究质量在新时代背景下推动智库建设高质量发展需要进一步畅通智库与党委政府和决策部门之间的沟通渠道以更好服务科学决策和国家治理现代化的实践需求完善制度机制加强成果转化促进人才交流提升研究质量在新时代背景下推动智库建设高质量发展需要进一步畅通智库与党委政府和决策部门之间的沟通渠道以更好服务科学决策和国家治理现代化的实践需求完善制度机制加强成果转化促进人才交流提升研究质量在新时代背景下推动智库建设高质量发展需要进一步畅通智库与党委政府和决策部门之间的沟通渠道以更好服务科学决策和国家治理现代化的实践需求完善制度机制加强成果转化促进人才交流提升研究质量在新时代背景下推动智库建设高质量发展需要进一步畅通智库与党委政府和决策部门之间的沟通渠道以更好服务科学决策和国家治理现代化的实践需求完善制度机制加强成果转化促进人才交流提升研究质量在新时代背景下推动智库建设高质量发展需要进一步畅通智库与党委政府和决策部门之间的沟通渠道以更好服务科学决策和国家治理现代化的实践需求完善制度机制加强成果转化促进人才交流提升研究质量在新时代背景下推动智库建设高质量发展需要进一步畅通智库与党委政府和决策部门之间的沟通渠道以更好服务科学决策和国家治理现代化的实践需求完善制度机制加强成果转化促进人才交流提升研究质量
在新时代背景下推动智库建设高质量发展需要进一步畅通智库与党委政府和决策部门之间的沟通渠道以更好服务科学决策和国家治理现代化的实践需求完善制度机制加强成果转化促进人才交流提升研究质量在新时代背景下推动智库建设高质量发展需要进一步畅通智库与党委政府和决策部门之间的沟通渠道以更好服务科学决策和国家治理现代化的实践需求完善制度机制加强成果转化促进人才交流提升研究质量在新时代背景下推动智库建设高质量发展需要进一步畅通智库与党委政府和决策部门之间的沟通渠道以更好服务科学决策和国家治理现代化的实践需求完善制度机制加强成果转化促进人才交流提升研究质量在新时代背景下推动智库建设高质量发展需要进一步畅通智库与党委政府和决策部门之间的沟通渠道以更好服务科学决策和国家治理现代化的实践需求完善制度机制加强成果转化促进人才交流提升研究质量在新时代背景下推动智库建设高质量发展需要进一步畅通智库与党委政府和决策部门之间的沟通渠道以更好服务科学决策和国家治理现代化的实践需求完善制度机制加强成果转化促进人才交流提升研究质量在新时代背景下推动智库建设高质量发展需要进一步畅通智库与党委政府和决策部门之间的沟通渠道以更好服务科学决策和国家治理现代化的实践需求完善制度机制加强成果转化促进人才交流提升研究质量在新时代背景下推动智库建设高质量发展需要进一步畅通智库与党委政府和决策部门之间的沟通渠道以更好服务科学决策和国家治理现代化的实践需求完善制度机制加强成果转化促进人才交流提升研究质量在新时代背景下推动智库建设高质量发展需要进一步畅通智库与党委政府和决策部门之间的沟通渠道以更好服务科学决策和国家治理现代化的实践需求完善制度机制加强成果转化促进人才交流提升研究质量在新时代背景下推动智库建设高质量发展需要进一步畅通智库与党委政府和决策部门之间的沟通渠道以更好服务科学决策和国家治理现代化的实践需求完善制度机制加强成果转化促进人才交流提升研究质量在新时代背景下推动智库建设高质量发展需要进一步畅通智库与党委政府和决策部门之间的沟通渠道以更好服务科学决策和国家治理现代化的实践需求完善制度机制加强成果转化促进人才交流提升研究质量在新时代背景下推动智库建设高质量发展需要进一步畅通智库与党委政府和决策部门之间的沟通渠道以更好服务科学决策和国家治理现代化的实践需求完善制度机制加强成果转化促进人才交流提升研究质量在新时代背景下推动智库建设高质量发展需要进一步畅通智库与党委政府和决策部门之间的沟通渠道以更好服务科学决策和国家治理现代化的实践需求完善制度机制加强成果转化促进人才交流提升研究质量
关键词四：传统文化与当代实践
在新时代背景下推动智库建设高质量发展需要进一步畅通智库与党委政府和决策部门之间的沟通渠道以更好服务科学决策和国家治理现代化的实践需求完善制度机制加强成果转化促进人才交流提升研究质量在新时代背景下推动智库建设高质量发展需要进一步畅通智库与党委政府和决策部门之间的沟通渠道以更好服务科学决策和国家治理现代化的实践需求完善制度机制加强成果转化促进人才交流提升研究质量在新时代背景下推动智库建设高质量发展需要进一步畅通智库与党委政府和决策部门之间的沟通渠道以更好服务科学决策和国家治理现代化的实践需求完善制度机制加强成果转化促进人才交流提升研究质量在新时代背景下推动智库建设高质量发展需要进一步畅通智库与党委政府和决策部门之间的沟通渠道以更好服务科学决策和国家治理现代化的实践需求完善制度机制加强成果转化促进人才交流提升研究质量在新时代背景下推动智库建设高质量发展需要进一步畅通智库与党委政府和决策部门之间的沟通渠道以更好服务科学决策和国家治理现代化的实践需求完善制度机制加强成果转化促进人才交流提升研究质量在新时代背景下推动智库建设高质量发展需要进一步畅通智库与党委政府和决策部门之间的沟通渠道以更好服务科学决策和国家治理现代化的实践需求完善制度机制加强成果转化促进人才交流提升研究质量在新时代背景下推动智库建设高质量发展需要进一步畅通智库与党委政府和决策部门之间的沟通渠道以更好服务科学决策和国家治理现代化的实践需求完善制度机制加强成果转化促进人才交流提升研究质量在新时代背景下推动智库建设高质量发展需要进一步畅通智库与党委政府和决策部门之间的沟通渠道以更好服务科学决策和国家治理现代化的实践需求完善制度机制加强成果转化促进人才交流提升研究质量在新时代背景下推动智库建设高质量发展需要进一步畅通智库与党委政府和决策部门之间的沟通渠道以更好服务科学决策和国家治理现代化的实践需求完善制度机制加强成果转化促进人才交流提升研究质量在新时代背景下推动智库建设高质量发展需要进一步畅通智库与党委政府和决策部门之间的沟通渠道以更好服务科学决策和国家治理现代化的实践需求完善制度机制加强成果转化促进人才交流提升研究质量在新时代背景下推动智库建设高质量发展需要进一步畅通智库与党委政府和决策部门之间的沟通渠道以更好服务科学决策和国家治理现代化的实践需求完善制度机制加强成果转化促进人才交流提升研究质量在新时代背景下推动智库建设高质量发展需要进一步畅通智库与党委政府和决策部门之间的沟通渠道以更好服务科学决策和国家治理现代化的实践需求完善制度机制加强成果转化促进人才交流提升研究质量
在新时代背景下推动智库建设高质量发展需要进一步畅通智库与党委政府和决策部门之间的沟通渠道以更好服务科学决策和国家治理现代化的实践需求完善制度机制加强成果转化促进人才交流提升研究质量在新时代背景下推动智库建设高质量发展需要进一步畅通智库与党委政府和决策部门之间的沟通渠道以更好服务科学决策和国家治理现代化的实践需求完善制度机制加强成果转化促进人才交流提升研究质量在新时代背景下推动智库建设高质量发展需要进一步畅通智库与党委政府和决策部门之间的沟通渠道以更好服务科学决策和国家治理现代化的实践需求完善制度机制加强成果转化促进人才交流提升研究质量在新时代背景下推动智库建设高质量发展需要进一步畅通智库与党委政府和决策部门之间的沟通渠道以更好服务科学决策和国家治理现代化的实践需求完善制度机制加强成果转化促进人才交流提升研究质量在新时代背景下推动智库建设高质量发展需要进一步畅通智库与党委政府和决策部门之间的沟通渠道以更好服务科学决策和国家治理现代化的实践需求完善制度机制加强成果转化促进人才交流提升研究质量在新时代背景下推动智库建设高质量发展需要进一步畅通智库与党委政府和决策部门之间的沟通渠道以更好服务科学决策和国家治理现代化的实践需求完善制度机制加强成果转化促进人才交流提升研究质量在新时代背景下推动智库建设高质量发展需要进一步畅通智库与党委政府和决策部门之间的沟通渠道以更好服务科学决策和国家治理现代化的实践需求完善制度机制加强成果转化促进人才交流提升研究质量在新时代背景下推动智库建设高质量发展需要进一步畅通智库与党委政府和决策部门之间的沟通渠道以更好服务科学决策和国家治理现代化的实践需求完善制度机制加强成果转化促进人才交流提升研究质量在新时代背景下推动智库建设高质量发展需要进一步畅通智库与党委政府和决策部门之间的沟通渠道以更好服务科学决策和国家治理现代化的实践需求完善制度机制加强成果转化促进人才交流提升研究质量在新时代背景下推动智库建设高质量发展需要进一步畅通智库与党委政府和决策部门之间的沟通渠道以更好服务科学决策和国家治理现代化的实践需求完善制度机制加强成果转化促进人才交流提升研究质量在新时代背景下推动智库建设高质量发展需要进一步畅通智库与党委政府和决策部门之间的沟通渠道以更好服务科学决策和国家治理现代化的实践需求完善制度机制加强成果转化促进人才交流提升研究质量在新时代背景下推动智库建设高质量发展需要进一步畅通智库与党委政府和决策部门之间的沟通渠道以更好服务科学决策和国家治理现代化的实践需求完善制度机制加强成果转化促进人才交流提升研究质量
关键词五：文明互鉴与人类命运共同体
在新时代背景下推动智库建设高质量发展需要进一步畅通智库与党委政府和决策部门之间的沟通渠道以更好服务科学决策和国家治理现代化的实践需求完善制度机制加强成果转化促进人才交流提升研究质量在新时代背景下推动智库建设高质量发展需要进一步畅通智库与党委政府和决策部门之间的沟通渠道以更好服务科学决策和国家治理现代化的实践需求完善制度机制加强成果转化促进人才交流提升研究质量在新时代背景下推动智库建设高质量发展需要进一步畅通智库与党委政府和决策部门之间的沟通渠道以更好服务科学决策和国家治理现代化的实践需求完善制度机制加强成果转化促进人才交流提升研究质量在新时代背景下推动智库建设高质量发展需要进一步畅通智库与党委政府和决策部门之间的沟通渠道以更好服务科学决策和国家治理现代化的实践需求完善制度机制加强成果转化促进人才交流提升研究质量在新时代背景下推动智库建设高质量发展需要进一步畅通智库与党委政府和决策部门之间的沟通渠道以更好服务科学决策和国家治理现代化的实践需求完善制度机制加强成果转化促进人才交流提升研究质量在新时代背景下推动智库建设高质量发展需要进一步畅通智库与党委政府和决策部门之间的沟通渠道以更好服务科学决策和国家治理现代化的实践需求完善制度机制加强成果转化促进人才交流提升研究质量在新时代背景下推动智库建设高质量发展需要进一步畅通智库与党委政府和决策部门之间的沟通渠道以更好服务科学决策和国家治理现代化的实践需求完善制度机制加强成果转化促进人才交流提升研究质量在新时代背景下推动智库建设高质量发展需要进一步畅通智库与党委政府和决策部门之间的沟通渠道以更好服务科学决策和国家治理现代化的实践需求完善制度机制加强成果转化促进人才交流提升研究质量在新时代背景下推动智库建设高质量发展需要进一步畅通智库与党委政府和决策部门之间的沟通渠道以更好服务科学决策和国家治理现代化的实践需求完善制度机制加强成果转化促进人才交流提升研究质量在新时代背景下推动智库建设高质量发展需要进一步畅通智库与党委政府和决策部门之间的沟通渠道以更好服务科学决策和国家治理现代化的实践需求完善制度机制加强成果转化促进人才交流提升研究质量在新时代背景下推动智库建设高质量发展需要进一步畅通智库与党委政府和决策部门之间的沟通渠道以更好服务科学决策和国家治理现代化的实践需求完善制度机制加强成果转化促进人才交流提升研究质量在新时代背景下推动智库建设高质量发展需要进一步畅通智库与党委政府和决策部门之间的沟通渠道以更好服务科学决策和国家治理现代化的实践需求完善制度机制加强成果转化促进人才交流提升研究质量
本版编辑：王昕 电话：010-67078271
